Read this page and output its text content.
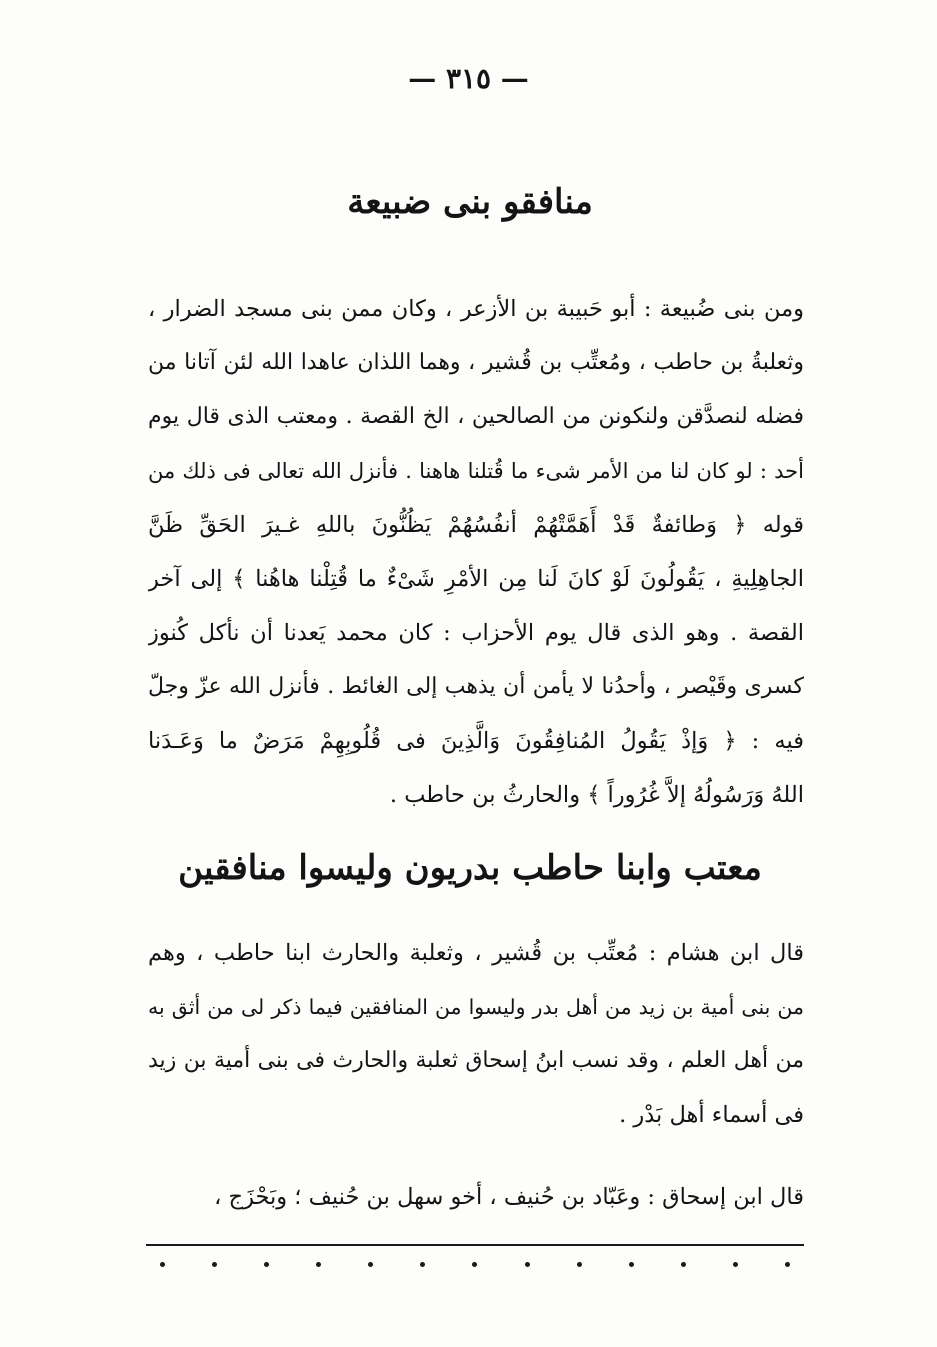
— ٣١٥ —
منافقو بنى ضبيعة
ومن بنى ضُبيعة : أبو حَبيبة بن الأزعر ، وكان ممن بنى مسجد الضرار ،
وثعلبةُ بن حاطب ، ومُعتِّب بن قُشير ، وهما اللذان عاهدا الله لئن آتانا من
فضله لنصدَّقن ولنكونن من الصالحين ، الخ القصة . ومعتب الذى قال يوم
أحد : لو كان لنا من الأمر شىء ما قُتلنا هاهنا . فأنزل الله تعالى فى ذلك من
قوله ﴿ وَطائفةٌ قَدْ أَهَمَّتْهُمْ أنفُسُهُمْ يَظُنُّونَ باللهِ غـيرَ الحَقِّ ظَنَّ
الجاهِلِيةِ ، يَقُولُونَ لَوْ كانَ لَنا مِن الأمْرِ شَىْءٌ ما قُتِلْنا هاهُنا ﴾ إلى آخر
القصة . وهو الذى قال يوم الأحزاب : كان محمد يَعدنا أن نأكل كُنوز
كسرى وقَيْصر ، وأحدُنا لا يأمن أن يذهب إلى الغائط . فأنزل الله عزّ وجلّ
فيه : ﴿ وَإذْ يَقُولُ المُنافِقُونَ وَالَّذِينَ فى قُلُوبِهِمْ مَرَضٌ ما وَعَـدَنا
اللهُ وَرَسُولُهُ إلاَّ غُرُوراً ﴾ والحارثُ بن حاطب .
معتب وابنا حاطب بدريون وليسوا منافقين
قال ابن هشام : مُعتِّب بن قُشير ، وثعلبة والحارث ابنا حاطب ، وهم
من بنى أمية بن زيد من أهل بدر وليسوا من المنافقين فيما ذكر لى من أثق به
من أهل العلم ، وقد نسب ابنُ إسحاق ثعلبة والحارث فى بنى أمية بن زيد
فى أسماء أهل بَدْر .
قال ابن إسحاق : وعَبّاد بن حُنيف ، أخو سهل بن حُنيف ؛ وبَحْزَج ،
